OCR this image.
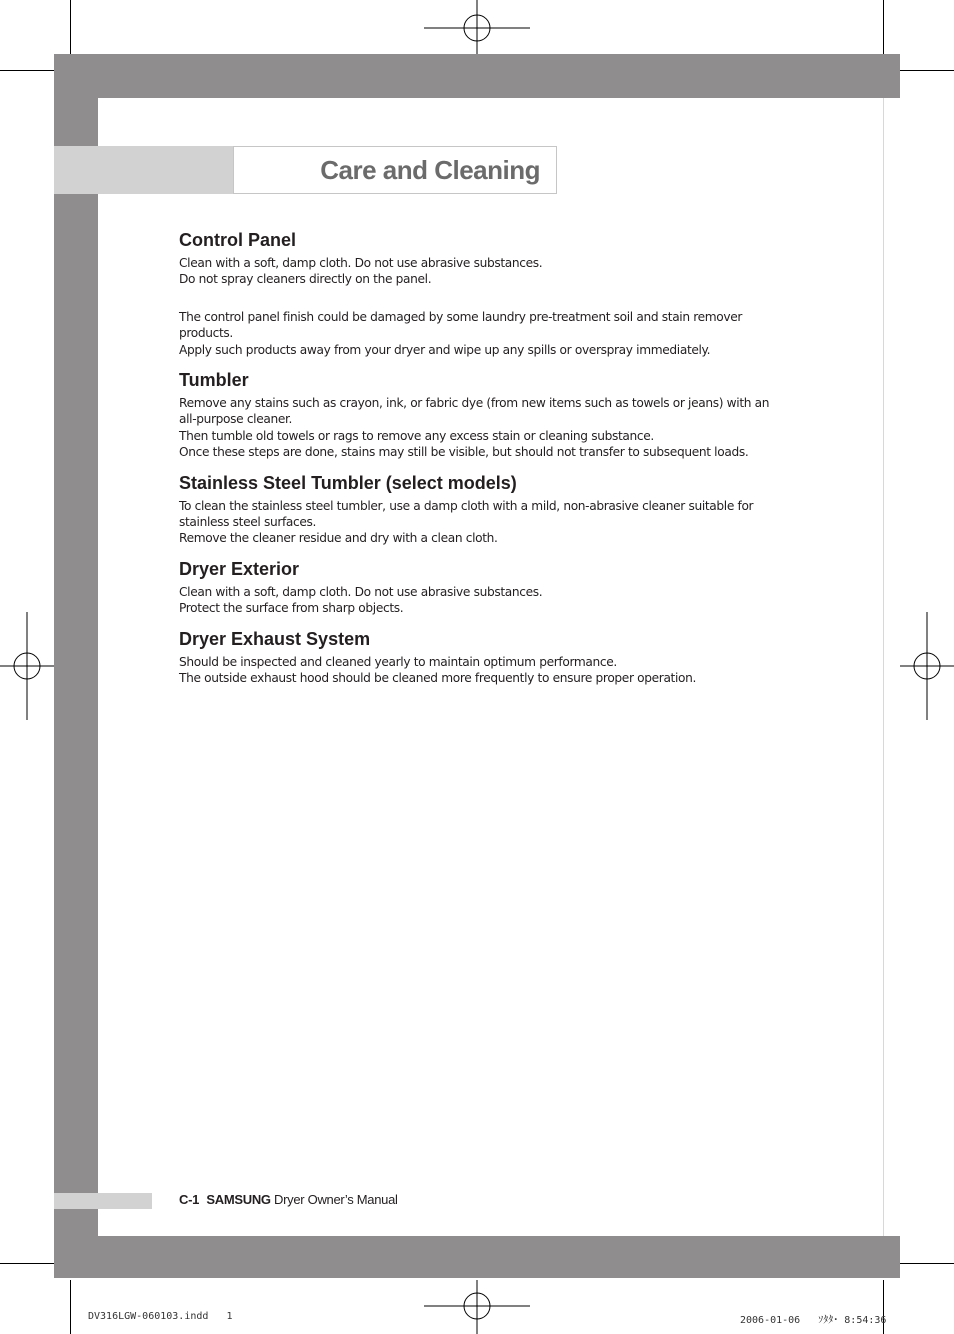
Care and Cleaning
Control Panel

Clean with a soft, damp cloth. Do not use abrasive substances.

Do not spray cleaners directly on the panel.

The control panel finish could be damaged by some laundry pre-treatment soil and stain remover products.

Apply such products away from your dryer and wipe up any spills or overspray immediately.

Tumbler

Remove any stains such as crayon, ink, or fabric dye (from new items such as towels or jeans) with an all-purpose cleaner.

Then tumble old towels or rags to remove any excess stain or cleaning substance.

Once these steps are done, stains may still be visible, but should not transfer to subsequent loads.

Stainless Steel Tumbler (select models)

To clean the stainless steel tumbler, use a damp cloth with a mild, non-abrasive cleaner suitable for stainless steel surfaces.

Remove the cleaner residue and dry with a clean cloth.

Dryer Exterior

Clean with a soft, damp cloth. Do not use abrasive substances.

Protect the surface from sharp objects.

Dryer Exhaust System

Should be inspected and cleaned yearly to maintain optimum performance.

The outside exhaust hood should be cleaned more frequently to ensure proper operation.

C-1 SAMSUNG Dryer Owner’s Manual
DV316LGW-060103.indd   1	2006-01-06   ｿﾀﾀ･ 8:54:36
